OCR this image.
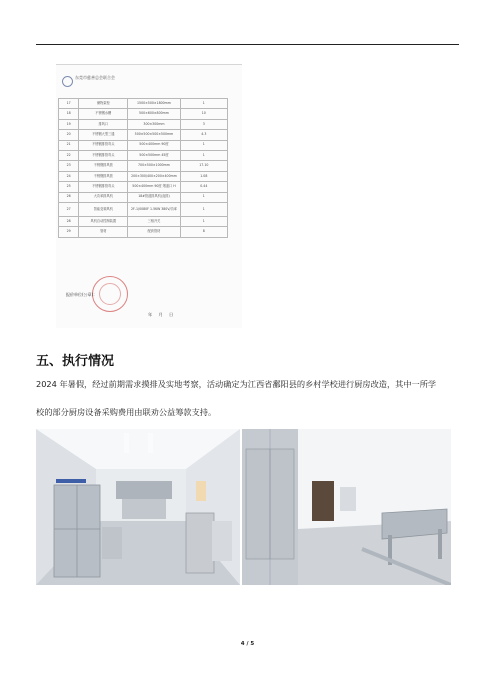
东莞市慈善总会联合会
17	储物架柜	1500×500×1800mm	1
18	不锈钢水槽	500×600×800mm	10
19	排风口	300×300mm	3
20	不锈钢大型三通	500×500×500×500mm	4.3
21	不锈钢排管弯头	500×400mm 90度	1
22	不锈钢排管弯头	500×500mm 45度	1
23	不锈钢排风管	700×500×1000mm	17.10
24	不锈钢排风管	200×300/400×200×400mm	1.08
25	不锈钢排管弯头	500×400mm 90度 烟道口 H	0.44
26	大功率排风机	18#管道排风机(直排)	1
27	智能变频风机	2F-1/0080F 1.5KW 380V/功率	1
28	风机自动控制装置	三相开关	1
29	管材	配套管材	8
报价单位(公章)：
年 月 日
五、执行情况
2024 年暑假，经过前期需求摸排及实地考察，活动确定为江西省鄱阳县的乡村学校进行厨房改造，其中一所学
校的部分厨房设备采购费用由联劝公益筹款支持。
4 / 5
